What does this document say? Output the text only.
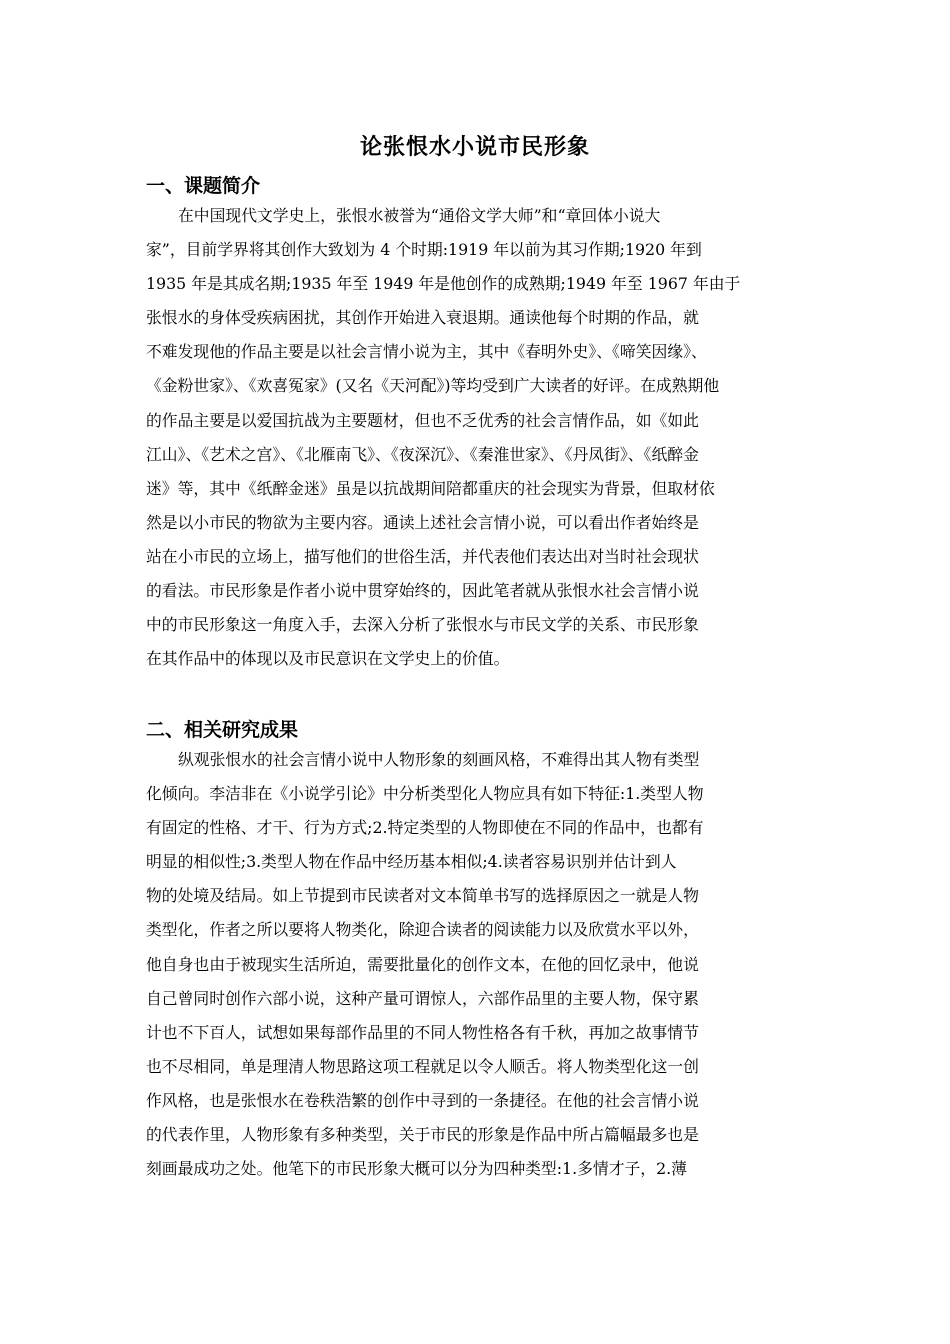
论张恨水小说市民形象
一、课题简介
在中国现代文学史上，张恨水被誉为“通俗文学大师”和“章回体小说大
家”，目前学界将其创作大致划为 4 个时期:1919 年以前为其习作期;1920 年到
1935 年是其成名期;1935 年至 1949 年是他创作的成熟期;1949 年至 1967 年由于
张恨水的身体受疾病困扰，其创作开始进入衰退期。通读他每个时期的作品，就
不难发现他的作品主要是以社会言情小说为主，其中《春明外史》、《啼笑因缘》、
《金粉世家》、《欢喜冤家》(又名《天河配》)等均受到广大读者的好评。在成熟期他
的作品主要是以爱国抗战为主要题材，但也不乏优秀的社会言情作品，如《如此
江山》、《艺术之宫》、《北雁南飞》、《夜深沉》、《秦淮世家》、《丹凤街》、《纸醉金
迷》等，其中《纸醉金迷》虽是以抗战期间陪都重庆的社会现实为背景，但取材依
然是以小市民的物欲为主要内容。通读上述社会言情小说，可以看出作者始终是
站在小市民的立场上，描写他们的世俗生活，并代表他们表达出对当时社会现状
的看法。市民形象是作者小说中贯穿始终的，因此笔者就从张恨水社会言情小说
中的市民形象这一角度入手，去深入分析了张恨水与市民文学的关系、市民形象
在其作品中的体现以及市民意识在文学史上的价值。
二、相关研究成果
纵观张恨水的社会言情小说中人物形象的刻画风格，不难得出其人物有类型
化倾向。李洁非在《小说学引论》中分析类型化人物应具有如下特征:1.类型人物
有固定的性格、才干、行为方式;2.特定类型的人物即使在不同的作品中，也都有
明显的相似性;3.类型人物在作品中经历基本相似;4.读者容易识别并估计到人
物的处境及结局。如上节提到市民读者对文本简单书写的选择原因之一就是人物
类型化，作者之所以要将人物类化，除迎合读者的阅读能力以及欣赏水平以外，
他自身也由于被现实生活所迫，需要批量化的创作文本，在他的回忆录中，他说
自己曾同时创作六部小说，这种产量可谓惊人，六部作品里的主要人物，保守累
计也不下百人，试想如果每部作品里的不同人物性格各有千秋，再加之故事情节
也不尽相同，单是理清人物思路这项工程就足以令人顺舌。将人物类型化这一创
作风格，也是张恨水在卷秩浩繁的创作中寻到的一条捷径。在他的社会言情小说
的代表作里，人物形象有多种类型，关于市民的形象是作品中所占篇幅最多也是
刻画最成功之处。他笔下的市民形象大概可以分为四种类型:1.多情才子，2.薄
